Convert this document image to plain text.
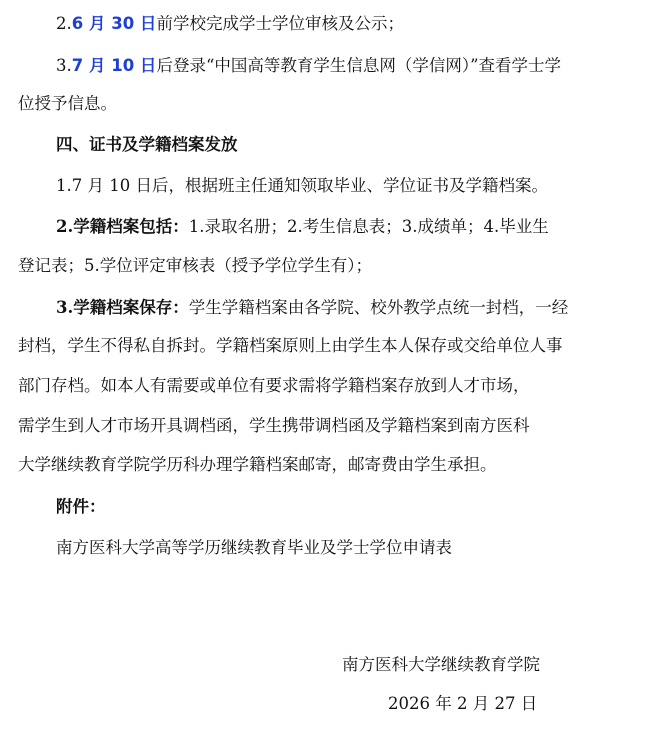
2.6 月 30 日前学校完成学士学位审核及公示；
3.7 月 10 日后登录“中国高等教育学生信息网（学信网）”查看学士学
位授予信息。
四、证书及学籍档案发放
1.7 月 10 日后，根据班主任通知领取毕业、学位证书及学籍档案。
2.学籍档案包括：1.录取名册；2.考生信息表；3.成绩单；4.毕业生
登记表；5.学位评定审核表（授予学位学生有）；
3.学籍档案保存：学生学籍档案由各学院、校外教学点统一封档，一经
封档，学生不得私自拆封。学籍档案原则上由学生本人保存或交给单位人事
部门存档。如本人有需要或单位有要求需将学籍档案存放到人才市场，
需学生到人才市场开具调档函，学生携带调档函及学籍档案到南方医科
大学继续教育学院学历科办理学籍档案邮寄，邮寄费由学生承担。
附件：
南方医科大学高等学历继续教育毕业及学士学位申请表
南方医科大学继续教育学院
2026 年 2 月 27 日
